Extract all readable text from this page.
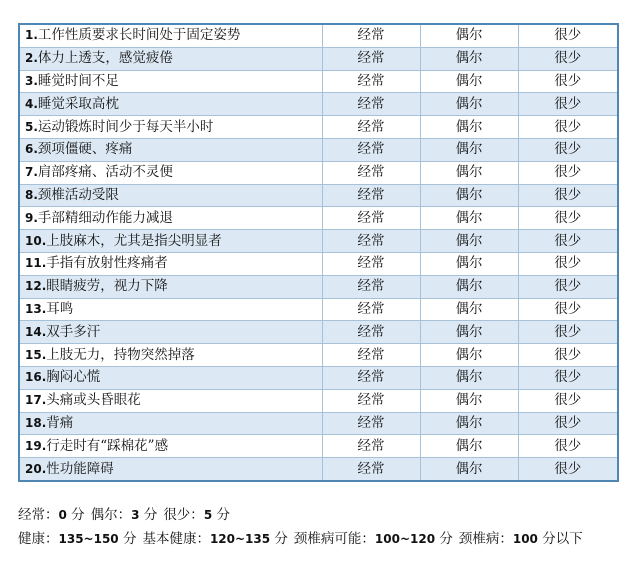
1.工作性质要求长时间处于固定姿势	经常	偶尔	很少
2.体力上透支，感觉疲倦	经常	偶尔	很少
3.睡觉时间不足	经常	偶尔	很少
4.睡觉采取高枕	经常	偶尔	很少
5.运动锻炼时间少于每天半小时	经常	偶尔	很少
6.颈项僵硬、疼痛	经常	偶尔	很少
7.肩部疼痛、活动不灵便	经常	偶尔	很少
8.颈椎活动受限	经常	偶尔	很少
9.手部精细动作能力减退	经常	偶尔	很少
10.上肢麻木，尤其是指尖明显者	经常	偶尔	很少
11.手指有放射性疼痛者	经常	偶尔	很少
12.眼睛疲劳，视力下降	经常	偶尔	很少
13.耳鸣	经常	偶尔	很少
14.双手多汗	经常	偶尔	很少
15.上肢无力，持物突然掉落	经常	偶尔	很少
16.胸闷心慌	经常	偶尔	很少
17.头痛或头昏眼花	经常	偶尔	很少
18.背痛	经常	偶尔	很少
19.行走时有“踩棉花”感	经常	偶尔	很少
20.性功能障碍	经常	偶尔	很少
经常：0 分 偶尔：3 分 很少：5 分
健康：135~150 分 基本健康：120~135 分 颈椎病可能：100~120 分 颈椎病：100 分以下
